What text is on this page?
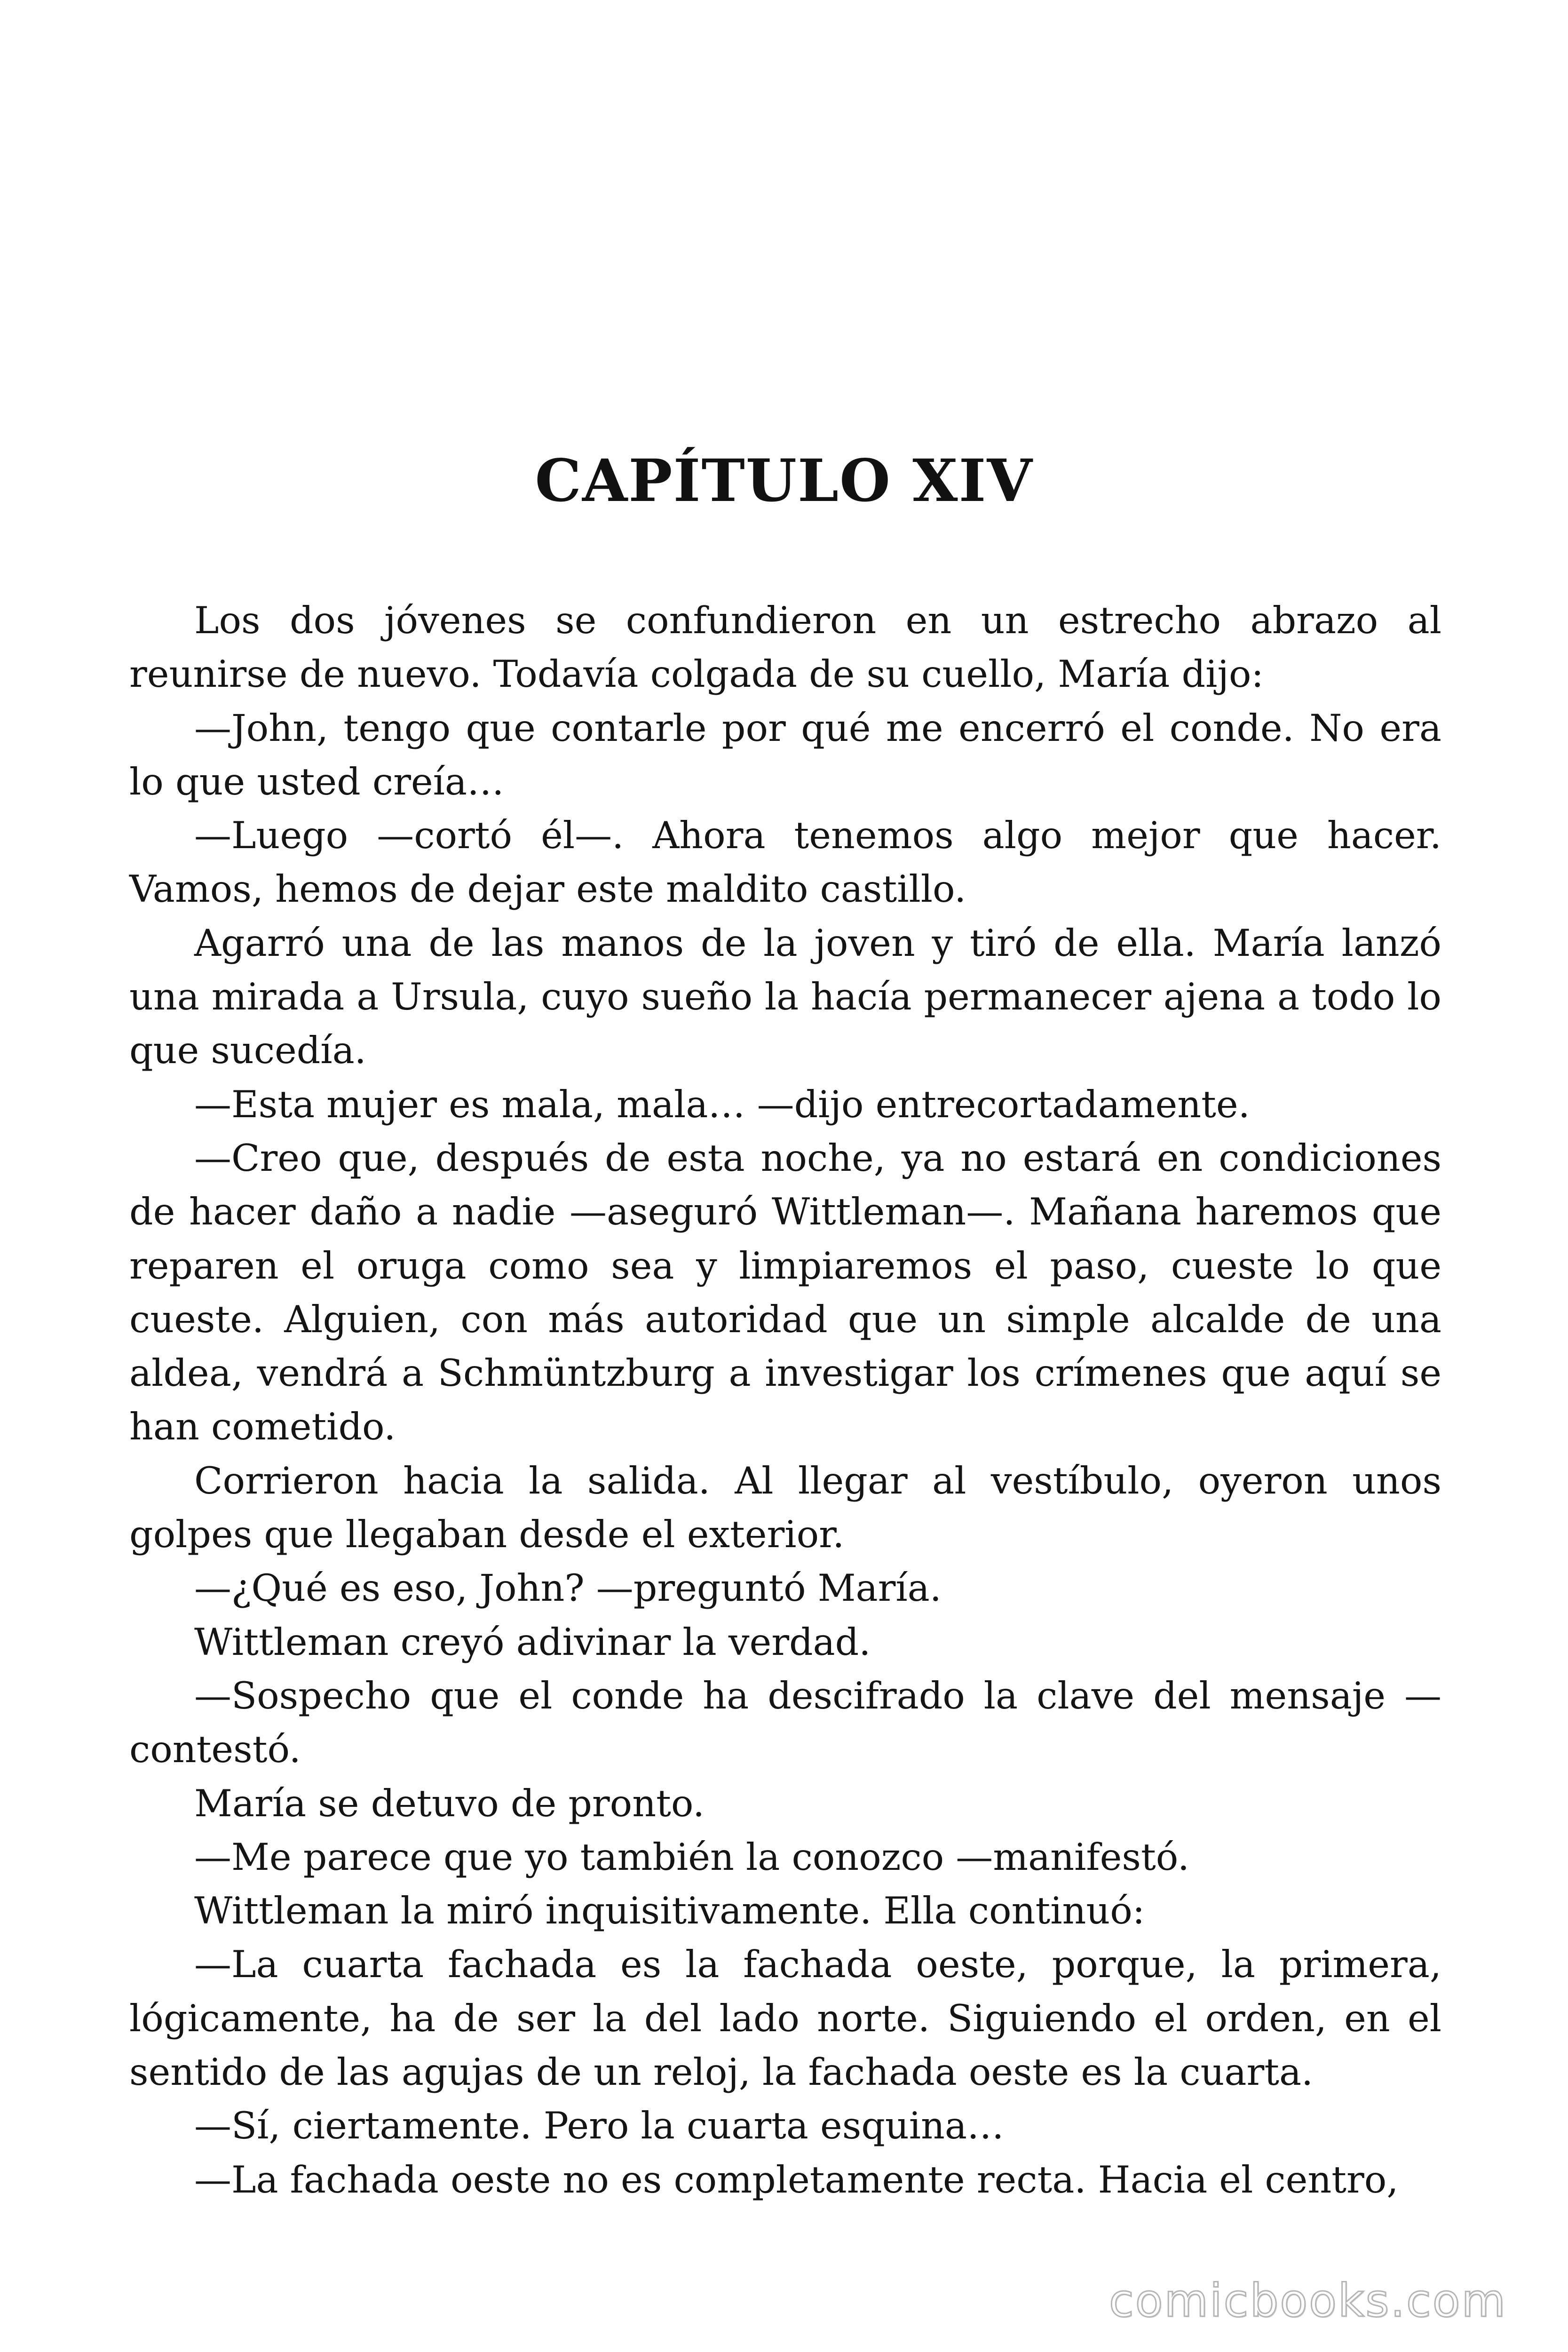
CAPÍTULO XIV

Los dos jóvenes se confundieron en un estrecho abrazo al reunirse de nuevo. Todavía colgada de su cuello, María dijo:

—John, tengo que contarle por qué me encerró el conde. No era lo que usted creía…

—Luego —cortó él—. Ahora tenemos algo mejor que hacer. Vamos, hemos de dejar este maldito castillo.

Agarró una de las manos de la joven y tiró de ella. María lanzó una mirada a Ursula, cuyo sueño la hacía permanecer ajena a todo lo que sucedía.

—Esta mujer es mala, mala… —dijo entrecortadamente.

—Creo que, después de esta noche, ya no estará en condiciones de hacer daño a nadie —aseguró Wittleman—. Mañana haremos que reparen el oruga como sea y limpiaremos el paso, cueste lo que cueste. Alguien, con más autoridad que un simple alcalde de una aldea, vendrá a Schmüntzburg a investigar los crímenes que aquí se han cometido.

Corrieron hacia la salida. Al llegar al vestíbulo, oyeron unos golpes que llegaban desde el exterior.

—¿Qué es eso, John? —preguntó María.

Wittleman creyó adivinar la verdad.

—Sospecho que el conde ha descifrado la clave del mensaje — contestó.

María se detuvo de pronto.

—Me parece que yo también la conozco —manifestó.

Wittleman la miró inquisitivamente. Ella continuó:

—La cuarta fachada es la fachada oeste, porque, la primera, lógicamente, ha de ser la del lado norte. Siguiendo el orden, en el sentido de las agujas de un reloj, la fachada oeste es la cuarta.

—Sí, ciertamente. Pero la cuarta esquina…

—La fachada oeste no es completamente recta. Hacia el centro,

comicbooks.com
